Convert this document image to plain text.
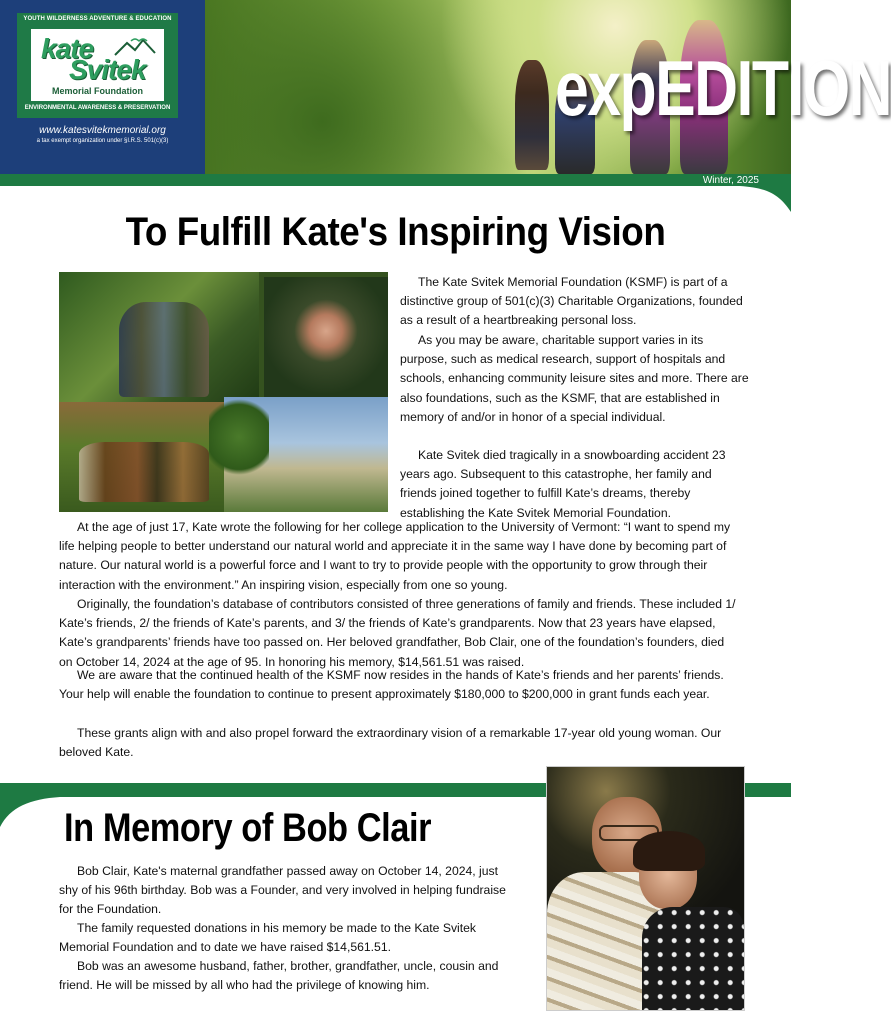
YOUTH WILDERNESS ADVENTURE & EDUCATION
kate
Svitek
Memorial Foundation
ENVIRONMENTAL AWARENESS & PRESERVATION
www.katesvitekmemorial.org
a tax exempt organization under §I.R.S. 501(c)(3)
expEDITION
Winter, 2025
To Fulfill Kate's Inspiring Vision
The Kate Svitek Memorial Foundation (KSMF) is part of a distinctive group of 501(c)(3) Charitable Organizations, founded as a result of a heartbreaking personal loss.
As you may be aware, charitable support varies in its purpose, such as medical research, support of hospitals and schools, enhancing community leisure sites and more. There are also foundations, such as the KSMF, that are established in memory of and/or in honor of a special individual.
Kate Svitek died tragically in a snowboarding accident 23 years ago. Subsequent to this catastrophe, her family and friends joined together to fulfill Kate’s dreams, thereby establishing the Kate Svitek Memorial Foundation.
At the age of just 17, Kate wrote the following for her college application to the University of Vermont: “I want to spend my life helping people to better understand our natural world and appreciate it in the same way I have done by becoming part of nature. Our natural world is a powerful force and I want to try to provide people with the opportunity to grow through their interaction with the environment.” An inspiring vision, especially from one so young.
Originally, the foundation’s database of contributors consisted of three generations of family and friends. These included 1/ Kate’s friends, 2/ the friends of Kate’s parents, and 3/ the friends of Kate’s grandparents. Now that 23 years have elapsed, Kate’s grandparents’ friends have too passed on. Her beloved grandfather, Bob Clair, one of the foundation’s founders, died on October 14, 2024 at the age of 95. In honoring his memory, $14,561.51 was raised.
We are aware that the continued health of the KSMF now resides in the hands of Kate’s friends and her parents’ friends. Your help will enable the foundation to continue to present approximately $180,000 to $200,000 in grant funds each year.
These grants align with and also propel forward the extraordinary vision of a remarkable 17-year old young woman. Our beloved Kate.
In Memory of Bob Clair
Bob Clair, Kate's maternal grandfather passed away on October 14, 2024, just shy of his 96th birthday. Bob was a Founder, and very involved in helping fundraise for the Foundation.
The family requested donations in his memory be made to the Kate Svitek Memorial Foundation and to date we have raised $14,561.51.
Bob was an awesome husband, father, brother, grandfather, uncle, cousin and friend. He will be missed by all who had the privilege of knowing him.
